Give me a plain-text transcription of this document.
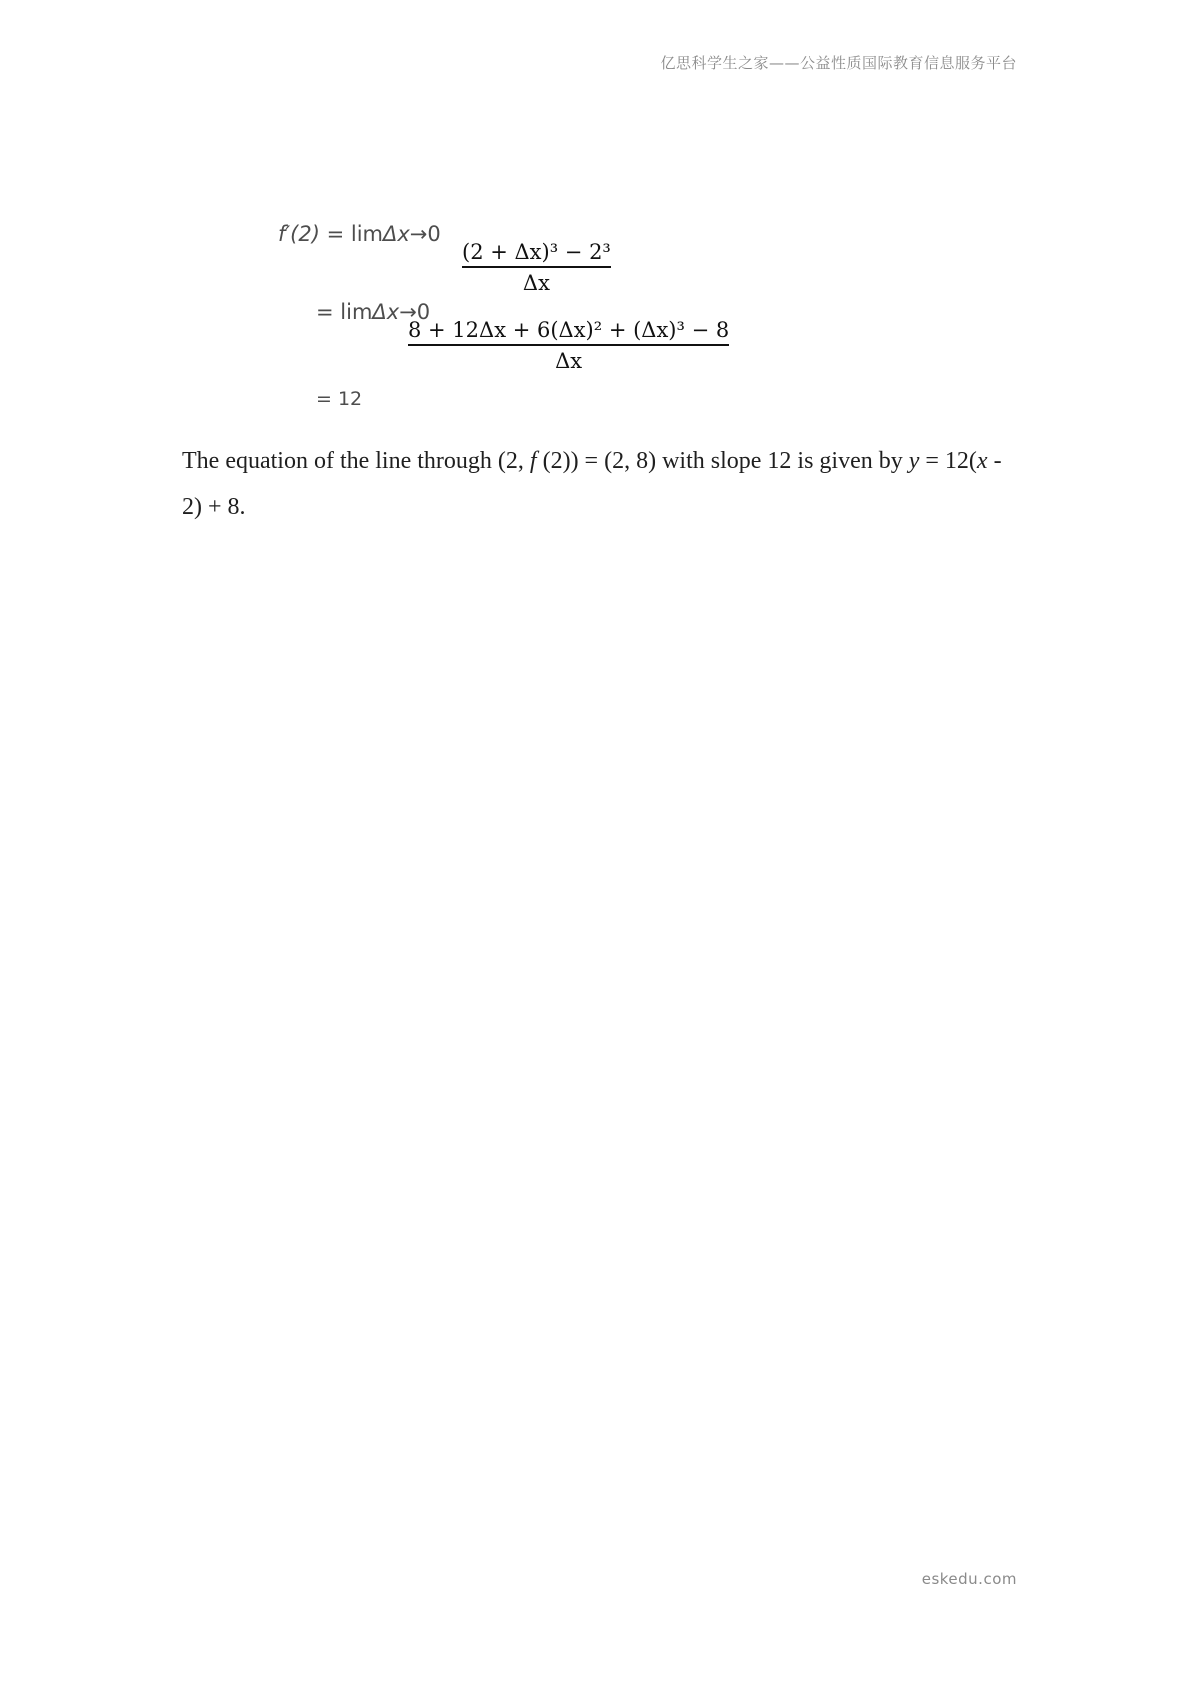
亿思科学生之家——公益性质国际教育信息服务平台
f′(2) = limΔx→0
(2 + Δx)³ − 2³
Δx
= limΔx→0
8 + 12Δx + 6(Δx)² + (Δx)³ − 8
Δx
= 12
The equation of the line through (2, f (2)) = (2, 8) with slope 12 is given by y = 12(x - 2) + 8.
eskedu.com
